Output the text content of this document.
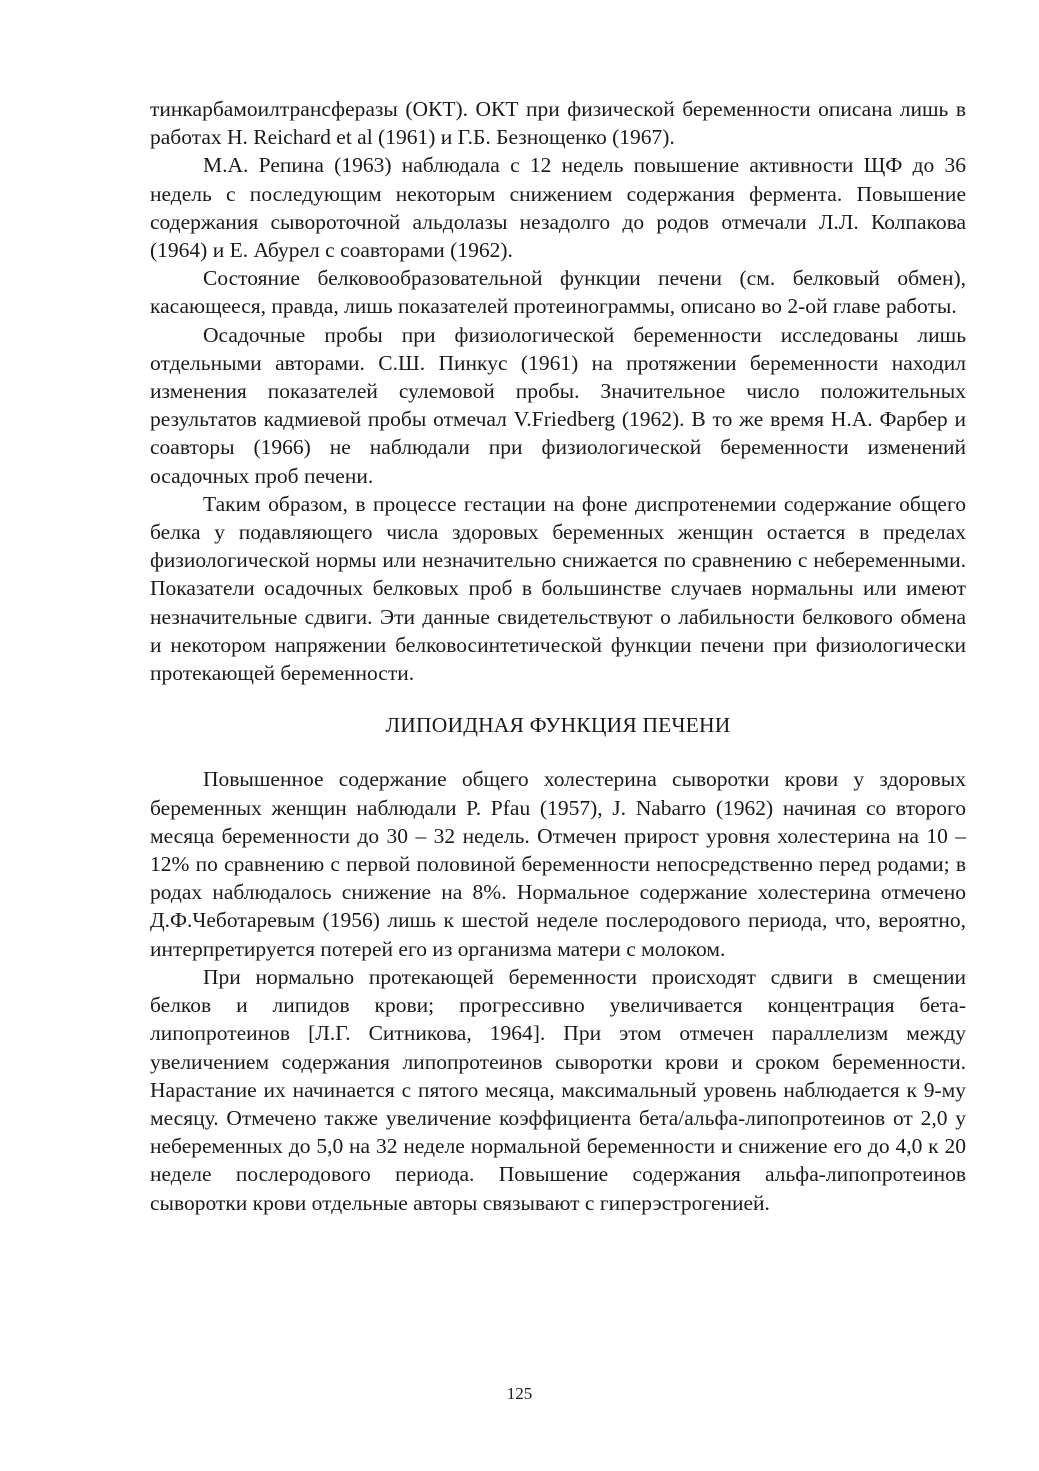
тинкарбамоилтрансферазы (ОКТ). ОКТ при физической беременности описана лишь в работах H. Reichard et al (1961) и Г.Б. Безнощенко (1967).

М.А. Репина (1963) наблюдала с 12 недель повышение активности ЩФ до 36 недель с последующим некоторым снижением содержания фермента. Повышение содержания сывороточной альдолазы незадолго до родов отмечали Л.Л. Колпакова (1964) и Е. Абурел с соавторами (1962).

Состояние белковообразовательной функции печени (см. белковый обмен), касающееся, правда, лишь показателей протеинограммы, описано во 2-ой главе работы.

Осадочные пробы при физиологической беременности исследованы лишь отдельными авторами. С.Ш. Пинкус (1961) на протяжении беременности находил изменения показателей сулемовой пробы. Значительное число положительных результатов кадмиевой пробы отмечал V.Friedberg (1962). В то же время Н.А. Фарбер и соавторы (1966) не наблюдали при физиологической беременности изменений осадочных проб печени.

Таким образом, в процессе гестации на фоне диспротенемии содержание общего белка у подавляющего числа здоровых беременных женщин остается в пределах физиологической нормы или незначительно снижается по сравнению с небеременными. Показатели осадочных белковых проб в большинстве случаев нормальны или имеют незначительные сдвиги. Эти данные свидетельствуют о лабильности белкового обмена и некотором напряжении белковосинтетической функции печени при физиологически протекающей беременности.

ЛИПОИДНАЯ ФУНКЦИЯ ПЕЧЕНИ

Повышенное содержание общего холестерина сыворотки крови у здоровых беременных женщин наблюдали P. Pfau (1957), J. Nabarro (1962) начиная со второго месяца беременности до 30 – 32 недель. Отмечен прирост уровня холестерина на 10 – 12% по сравнению с первой половиной беременности непосредственно перед родами; в родах наблюдалось снижение на 8%. Нормальное содержание холестерина отмечено Д.Ф.Чеботаревым (1956) лишь к шестой неделе послеродового периода, что, вероятно, интерпретируется потерей его из организма матери с молоком.

При нормально протекающей беременности происходят сдвиги в смещении белков и липидов крови; прогрессивно увеличивается концентрация бета-липопротеинов [Л.Г. Ситникова, 1964]. При этом отмечен параллелизм между увеличением содержания липопротеинов сыворотки крови и сроком беременности. Нарастание их начинается с пятого месяца, максимальный уровень наблюдается к 9-му месяцу. Отмечено также увеличение коэффициента бета/альфа-липопротеинов от 2,0 у небеременных до 5,0 на 32 неделе нормальной беременности и снижение его до 4,0 к 20 неделе послеродового периода. Повышение содержания альфа-липопротеинов сыворотки крови отдельные авторы связывают с гиперэстрогенией.

125
